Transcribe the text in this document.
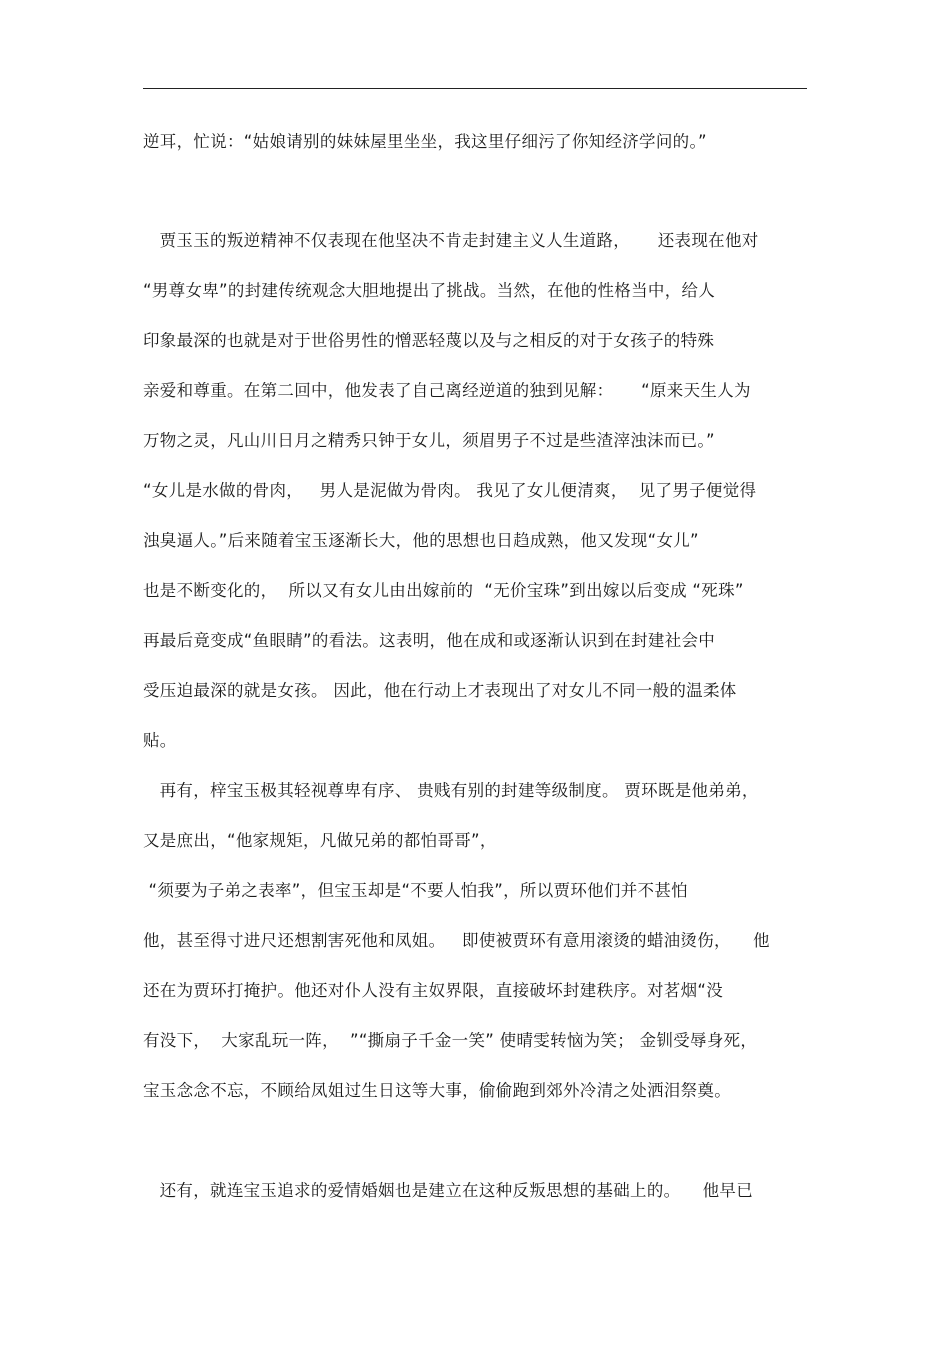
逆耳，忙说：“姑娘请别的妹妹屋里坐坐，我这里仔细污了你知经济学问的。”
贾玉玉的叛逆精神不仅表现在他坚决不肯走封建主义人生道路，     还表现在他对
“男尊女卑”的封建传统观念大胆地提出了挑战。当然，在他的性格当中，给人
印象最深的也就是对于世俗男性的憎恶轻蔑以及与之相反的对于女孩子的特殊
亲爱和尊重。在第二回中，他发表了自己离经逆道的独到见解：     “原来天生人为
万物之灵，凡山川日月之精秀只钟于女儿，须眉男子不过是些渣滓浊沫而已。”
“女儿是水做的骨肉，   男人是泥做为骨肉。 我见了女儿便清爽，  见了男子便觉得
浊臭逼人。”后来随着宝玉逐渐长大，他的思想也日趋成熟，他又发现“女儿”
也是不断变化的，  所以又有女儿由出嫁前的  “无价宝珠”到出嫁以后变成 “死珠”
再最后竟变成“鱼眼睛”的看法。这表明，他在成和或逐渐认识到在封建社会中
受压迫最深的就是女孩。 因此，他在行动上才表现出了对女儿不同一般的温柔体
贴。
再有，梓宝玉极其轻视尊卑有序、 贵贱有别的封建等级制度。 贾环既是他弟弟，
又是庶出，“他家规矩，凡做兄弟的都怕哥哥”，
“须要为子弟之表率”，但宝玉却是“不要人怕我”，所以贾环他们并不甚怕
他，甚至得寸进尺还想割害死他和凤姐。   即使被贾环有意用滚烫的蜡油烫伤，    他
还在为贾环打掩护。他还对仆人没有主奴界限，直接破坏封建秩序。对茗烟“没
有没下，  大家乱玩一阵，  ”“撕扇子千金一笑” 使晴雯转恼为笑； 金钏受辱身死，
宝玉念念不忘，不顾给凤姐过生日这等大事，偷偷跑到郊外冷清之处洒泪祭奠。
还有，就连宝玉追求的爱情婚姻也是建立在这种反叛思想的基础上的。    他早已
